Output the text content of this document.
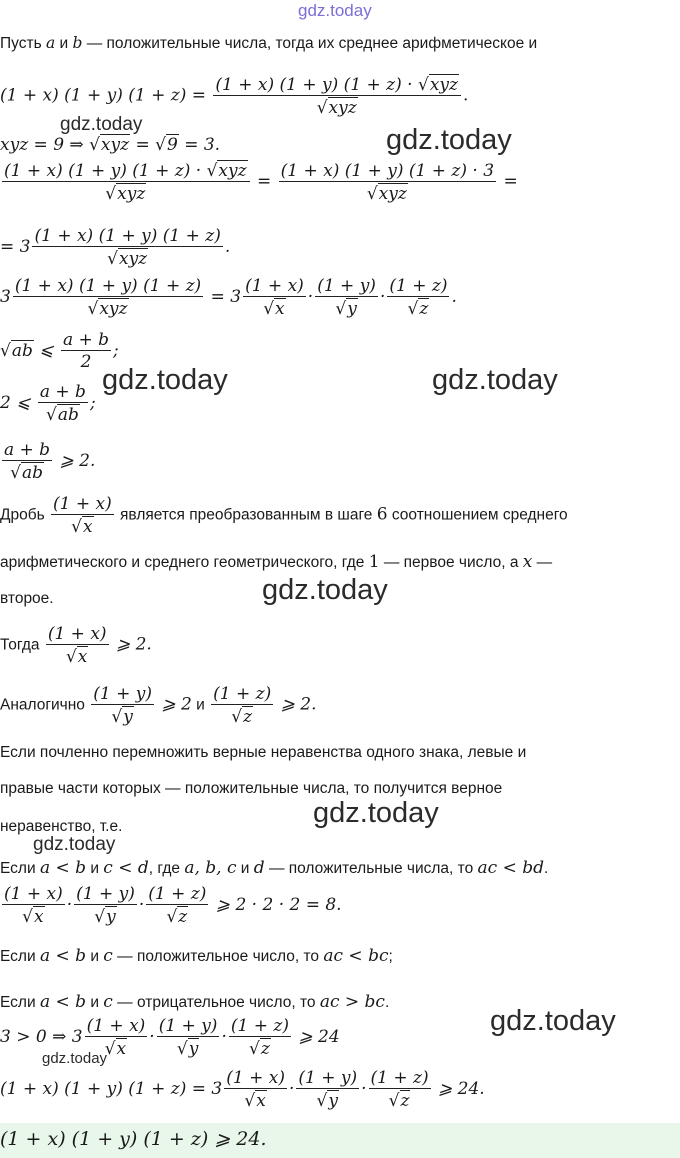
gdz.today
gdz.today	gdz.today
gdz.today	gdz.today
gdz.today
gdz.today
gdz.today
gdz.today
gdz.today
Пусть a и b — положительные числа, тогда их среднее арифметическое и
(1 + x) (1 + y) $(1 + z) = \frac{\text{(1 + x) (1 + y) (1 + z) · √xyz}}{\text{√xyz}}$ .
xyz = 9 ⇒ √xyz = √9 = 3.
$\frac{\text{(1 + x) (1 + y) (1 + z) · √xyz}}{\text{√xyz}} = \frac{(1 + x) (1 + y) (1 + z) \cdot 3}{\text{√xyz}}$ =
= $3 \frac{(1 + x) (1 + y) (1 + z)}{\text{√xyz}}$ .
$3 \frac{(1 + x) (1 + y) (1 + z)}{\text{√xyz}} = 3 \frac{(1 + x)}{√x} \cdot \frac{(1 + y)}{√y} \cdot \frac{(1 + z)}{√z}$ .
√ab ⩽ $\frac{a + b}{2}$ ;
2 ⩽ $\frac{a + b}{√ab}$ ;
$\frac{a + b}{√ab}$ ⩾ 2.
Дробь $\frac{(1 + x)}{√x}$ является преобразованным в шаге 6 соотношением среднего
арифметического и среднего геометрического, где 1 — первое число, а x —
второе.
Тогда $\frac{(1 + x)}{√x}$ ⩾ 2.
Аналогично $\frac{(1 + y)}{√y}$ ⩾ 2 и $\frac{(1 + z)}{√z}$ ⩾ 2.
Если почленно перемножить верные неравенства одного знака, левые и
правые части которых — положительные числа, то получится верное
неравенство, т.е.
Если a < b и c < d, где a, b, c и d — положительные числа, то ac < bd.
$\frac{(1 + x)}{√x} \cdot \frac{(1 + y)}{√y} \cdot \frac{(1 + z)}{√z}$ ⩾ 2 · 2 · 2 = 8.
Если a < b и c — положительное число, то ac < bc;
Если a < b и c — отрицательное число, то ac > bc.
3 > 0 ⇒ $3 \frac{(1 + x)}{√x} \cdot \frac{(1 + y)}{√y} \cdot \frac{(1 + z)}{√z}$ ⩾ 24
(1 + x) (1 + y) $(1 + z) = 3 \frac{(1 + x)}{√x} \cdot \frac{(1 + y)}{√y} \cdot \frac{(1 + z)}{√z}$ ⩾ 24.
(1 + x) (1 + y) (1 + z) ⩾ 24.
